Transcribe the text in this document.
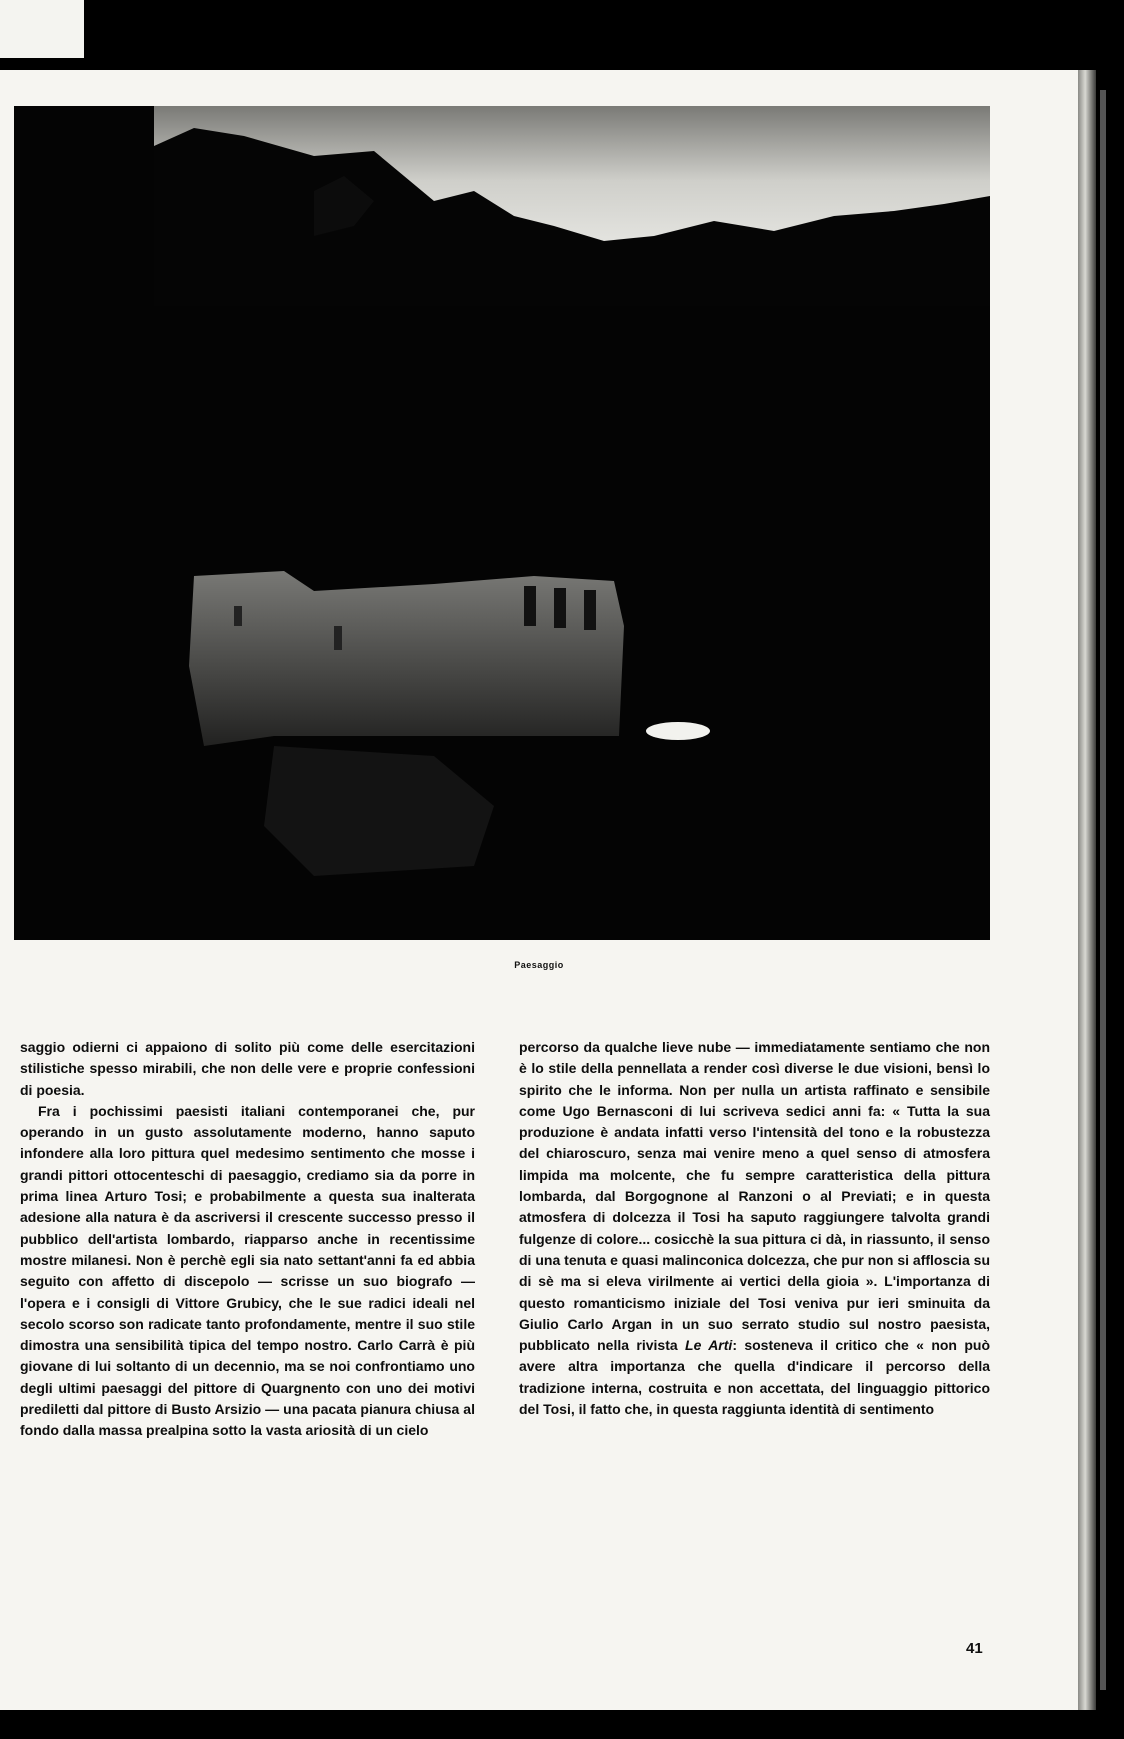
Paesaggio

saggio odierni ci appaiono di solito più come delle esercitazioni stilistiche spesso mirabili, che non delle vere e proprie confessioni di poesia.

Fra i pochissimi paesisti italiani contemporanei che, pur operando in un gusto assolutamente moderno, hanno saputo infondere alla loro pittura quel medesimo sentimento che mosse i grandi pittori ottocenteschi di paesaggio, crediamo sia da porre in prima linea Arturo Tosi; e probabilmente a questa sua inalterata adesione alla natura è da ascriversi il crescente successo presso il pubblico dell'artista lombardo, riapparso anche in recentissime mostre milanesi. Non è perchè egli sia nato settant'anni fa ed abbia seguito con affetto di discepolo — scrisse un suo biografo — l'opera e i consigli di Vittore Grubicy, che le sue radici ideali nel secolo scorso son radicate tanto profondamente, mentre il suo stile dimostra una sensibilità tipica del tempo nostro. Carlo Carrà è più giovane di lui soltanto di un decennio, ma se noi confrontiamo uno degli ultimi paesaggi del pittore di Quargnento con uno dei motivi prediletti dal pittore di Busto Arsizio — una pacata pianura chiusa al fondo dalla massa prealpina sotto la vasta ariosità di un cielo

percorso da qualche lieve nube — immediatamente sentiamo che non è lo stile della pennellata a render così diverse le due visioni, bensì lo spirito che le informa. Non per nulla un artista raffinato e sensibile come Ugo Bernasconi di lui scriveva sedici anni fa: « Tutta la sua produzione è andata infatti verso l'intensità del tono e la robustezza del chiaroscuro, senza mai venire meno a quel senso di atmosfera limpida ma molcente, che fu sempre caratteristica della pittura lombarda, dal Borgognone al Ranzoni o al Previati; e in questa atmosfera di dolcezza il Tosi ha saputo raggiungere talvolta grandi fulgenze di colore... cosicchè la sua pittura ci dà, in riassunto, il senso di una tenuta e quasi malinconica dolcezza, che pur non si affloscia su di sè ma si eleva virilmente ai vertici della gioia ». L'importanza di questo romanticismo iniziale del Tosi veniva pur ieri sminuita da Giulio Carlo Argan in un suo serrato studio sul nostro paesista, pubblicato nella rivista Le Arti: sosteneva il critico che « non può avere altra importanza che quella d'indicare il percorso della tradizione interna, costruita e non accettata, del linguaggio pittorico del Tosi, il fatto che, in questa raggiunta identità di sentimento

41
